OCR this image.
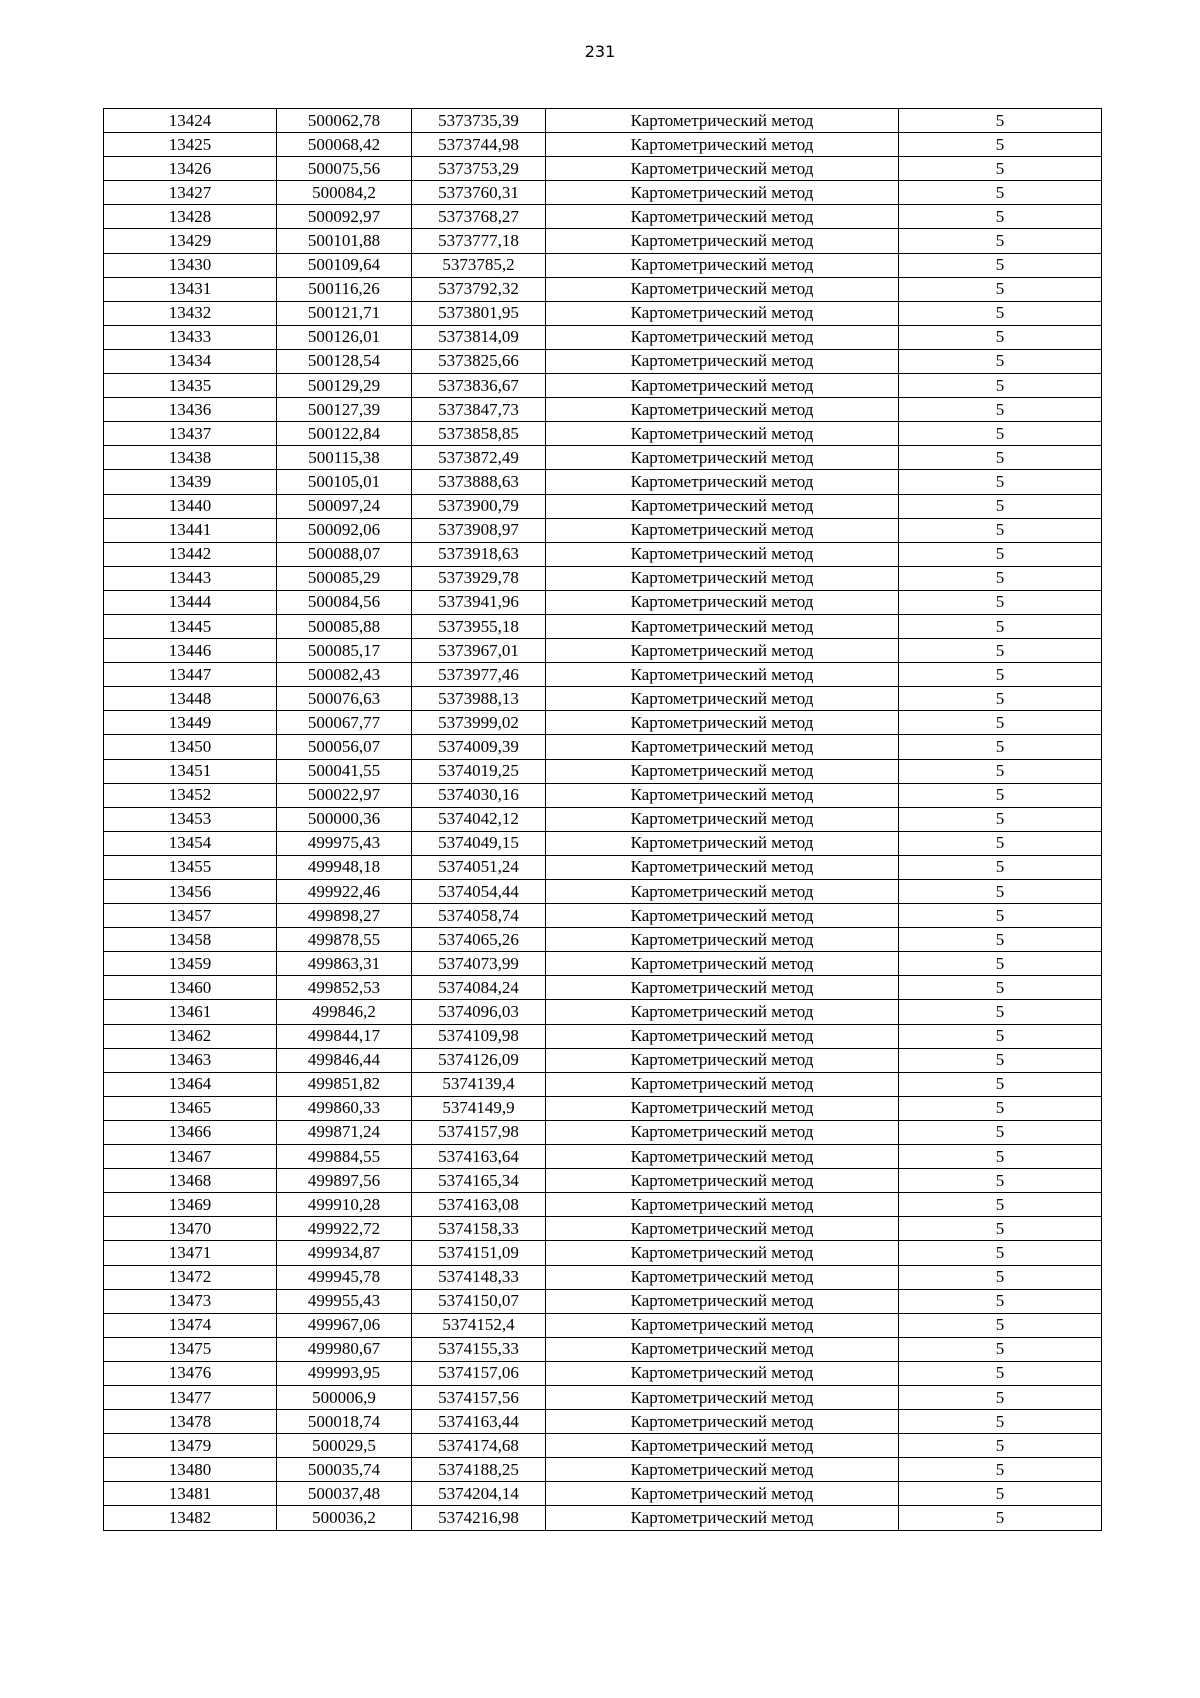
231
13424	500062,78	5373735,39	Картометрический метод	5
13425	500068,42	5373744,98	Картометрический метод	5
13426	500075,56	5373753,29	Картометрический метод	5
13427	500084,2	5373760,31	Картометрический метод	5
13428	500092,97	5373768,27	Картометрический метод	5
13429	500101,88	5373777,18	Картометрический метод	5
13430	500109,64	5373785,2	Картометрический метод	5
13431	500116,26	5373792,32	Картометрический метод	5
13432	500121,71	5373801,95	Картометрический метод	5
13433	500126,01	5373814,09	Картометрический метод	5
13434	500128,54	5373825,66	Картометрический метод	5
13435	500129,29	5373836,67	Картометрический метод	5
13436	500127,39	5373847,73	Картометрический метод	5
13437	500122,84	5373858,85	Картометрический метод	5
13438	500115,38	5373872,49	Картометрический метод	5
13439	500105,01	5373888,63	Картометрический метод	5
13440	500097,24	5373900,79	Картометрический метод	5
13441	500092,06	5373908,97	Картометрический метод	5
13442	500088,07	5373918,63	Картометрический метод	5
13443	500085,29	5373929,78	Картометрический метод	5
13444	500084,56	5373941,96	Картометрический метод	5
13445	500085,88	5373955,18	Картометрический метод	5
13446	500085,17	5373967,01	Картометрический метод	5
13447	500082,43	5373977,46	Картометрический метод	5
13448	500076,63	5373988,13	Картометрический метод	5
13449	500067,77	5373999,02	Картометрический метод	5
13450	500056,07	5374009,39	Картометрический метод	5
13451	500041,55	5374019,25	Картометрический метод	5
13452	500022,97	5374030,16	Картометрический метод	5
13453	500000,36	5374042,12	Картометрический метод	5
13454	499975,43	5374049,15	Картометрический метод	5
13455	499948,18	5374051,24	Картометрический метод	5
13456	499922,46	5374054,44	Картометрический метод	5
13457	499898,27	5374058,74	Картометрический метод	5
13458	499878,55	5374065,26	Картометрический метод	5
13459	499863,31	5374073,99	Картометрический метод	5
13460	499852,53	5374084,24	Картометрический метод	5
13461	499846,2	5374096,03	Картометрический метод	5
13462	499844,17	5374109,98	Картометрический метод	5
13463	499846,44	5374126,09	Картометрический метод	5
13464	499851,82	5374139,4	Картометрический метод	5
13465	499860,33	5374149,9	Картометрический метод	5
13466	499871,24	5374157,98	Картометрический метод	5
13467	499884,55	5374163,64	Картометрический метод	5
13468	499897,56	5374165,34	Картометрический метод	5
13469	499910,28	5374163,08	Картометрический метод	5
13470	499922,72	5374158,33	Картометрический метод	5
13471	499934,87	5374151,09	Картометрический метод	5
13472	499945,78	5374148,33	Картометрический метод	5
13473	499955,43	5374150,07	Картометрический метод	5
13474	499967,06	5374152,4	Картометрический метод	5
13475	499980,67	5374155,33	Картометрический метод	5
13476	499993,95	5374157,06	Картометрический метод	5
13477	500006,9	5374157,56	Картометрический метод	5
13478	500018,74	5374163,44	Картометрический метод	5
13479	500029,5	5374174,68	Картометрический метод	5
13480	500035,74	5374188,25	Картометрический метод	5
13481	500037,48	5374204,14	Картометрический метод	5
13482	500036,2	5374216,98	Картометрический метод	5
